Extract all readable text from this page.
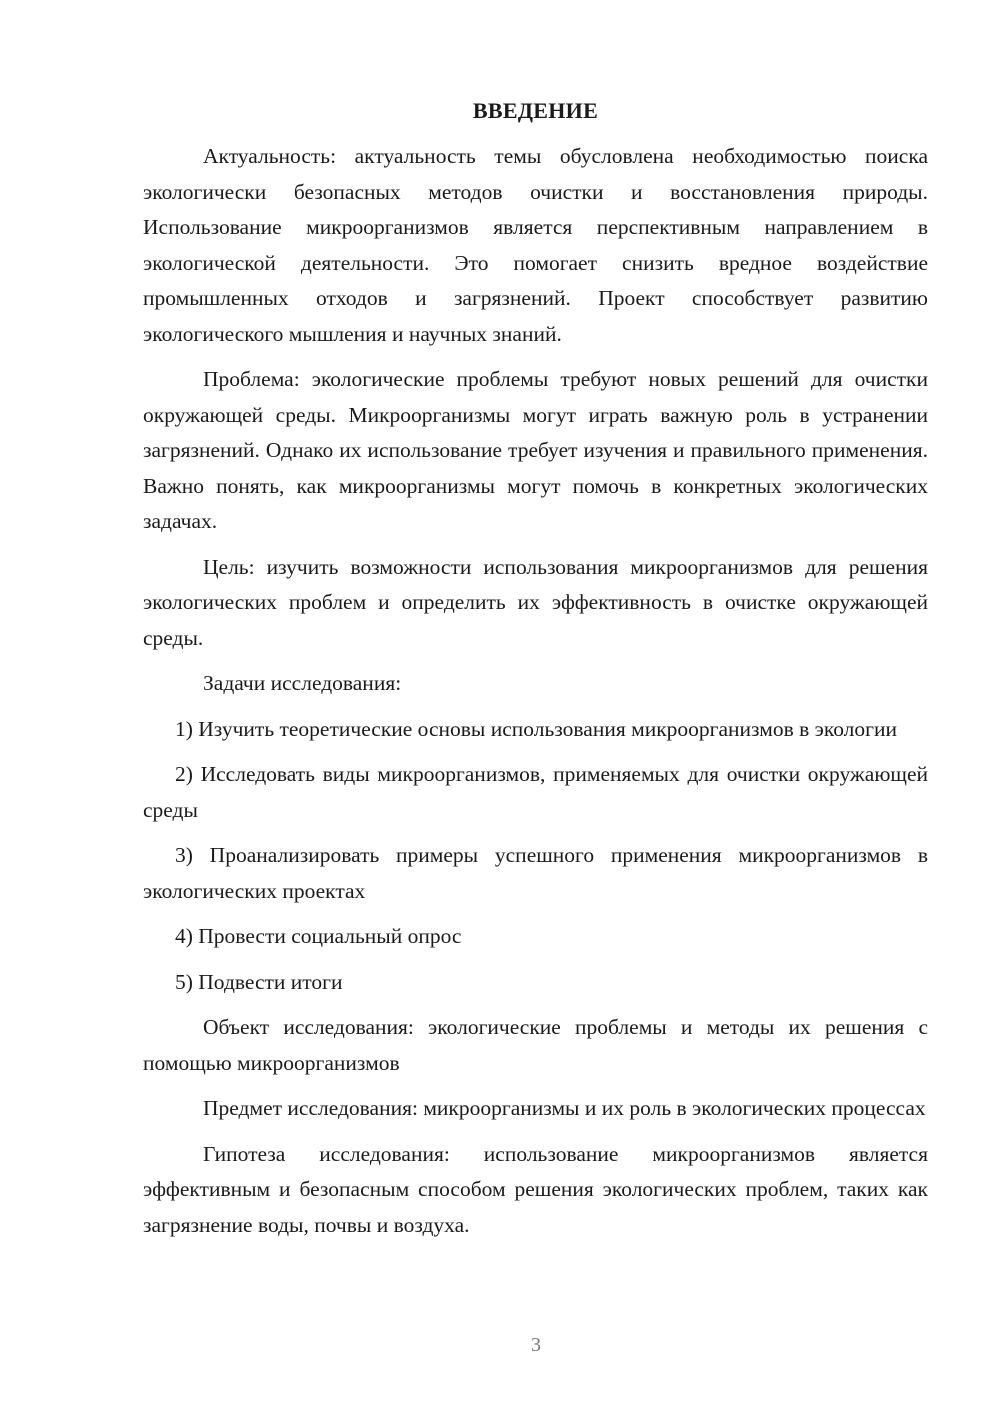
ВВЕДЕНИЕ

Актуальность: актуальность темы обусловлена необходимостью поиска экологически безопасных методов очистки и восстановления природы. Использование микроорганизмов является перспективным направлением в экологической деятельности. Это помогает снизить вредное воздействие промышленных отходов и загрязнений. Проект способствует развитию экологического мышления и научных знаний.

Проблема: экологические проблемы требуют новых решений для очистки окружающей среды. Микроорганизмы могут играть важную роль в устранении загрязнений. Однако их использование требует изучения и правильного применения. Важно понять, как микроорганизмы могут помочь в конкретных экологических задачах.

Цель: изучить возможности использования микроорганизмов для решения экологических проблем и определить их эффективность в очистке окружающей среды.

Задачи исследования:

1) Изучить теоретические основы использования микроорганизмов в экологии

2) Исследовать виды микроорганизмов, применяемых для очистки окружающей среды

3) Проанализировать примеры успешного применения микроорганизмов в экологических проектах

4) Провести социальный опрос

5) Подвести итоги

Объект исследования: экологические проблемы и методы их решения с помощью микроорганизмов

Предмет исследования: микроорганизмы и их роль в экологических процессах

Гипотеза исследования: использование микроорганизмов является эффективным и безопасным способом решения экологических проблем, таких как загрязнение воды, почвы и воздуха.

3
